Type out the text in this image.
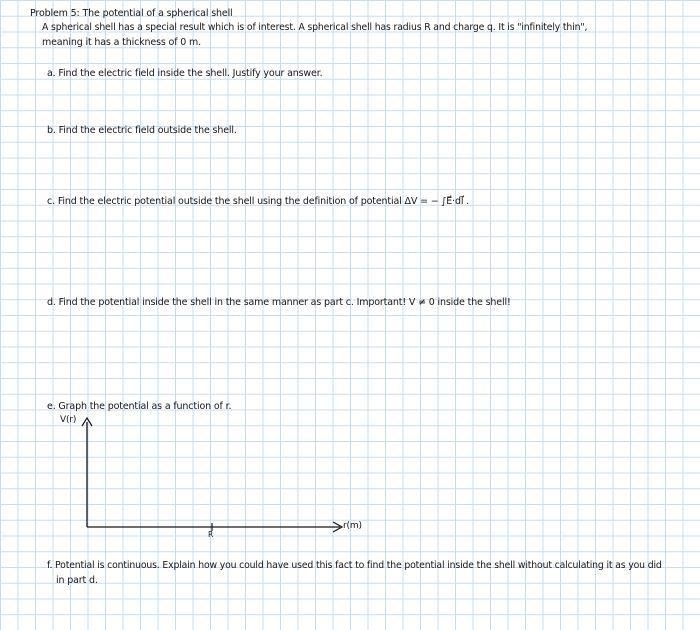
Problem 5: The potential of a spherical shell

A spherical shell has a special result which is of interest. A spherical shell has radius R and charge q. It is "infinitely thin",

meaning it has a thickness of 0 m.

a. Find the electric field inside the shell. Justify your answer.

b. Find the electric field outside the shell.

c. Find the electric potential outside the shell using the definition of potential ΔV = − ∫E⃗·dl⃗ .

d. Find the potential inside the shell in the same manner as part c. Important! V ≠ 0 inside the shell!

e. Graph the potential as a function of r.

V(r)

r(m)

R

f. Potential is continuous. Explain how you could have used this fact to find the potential inside the shell without calculating it as you did

in part d.
